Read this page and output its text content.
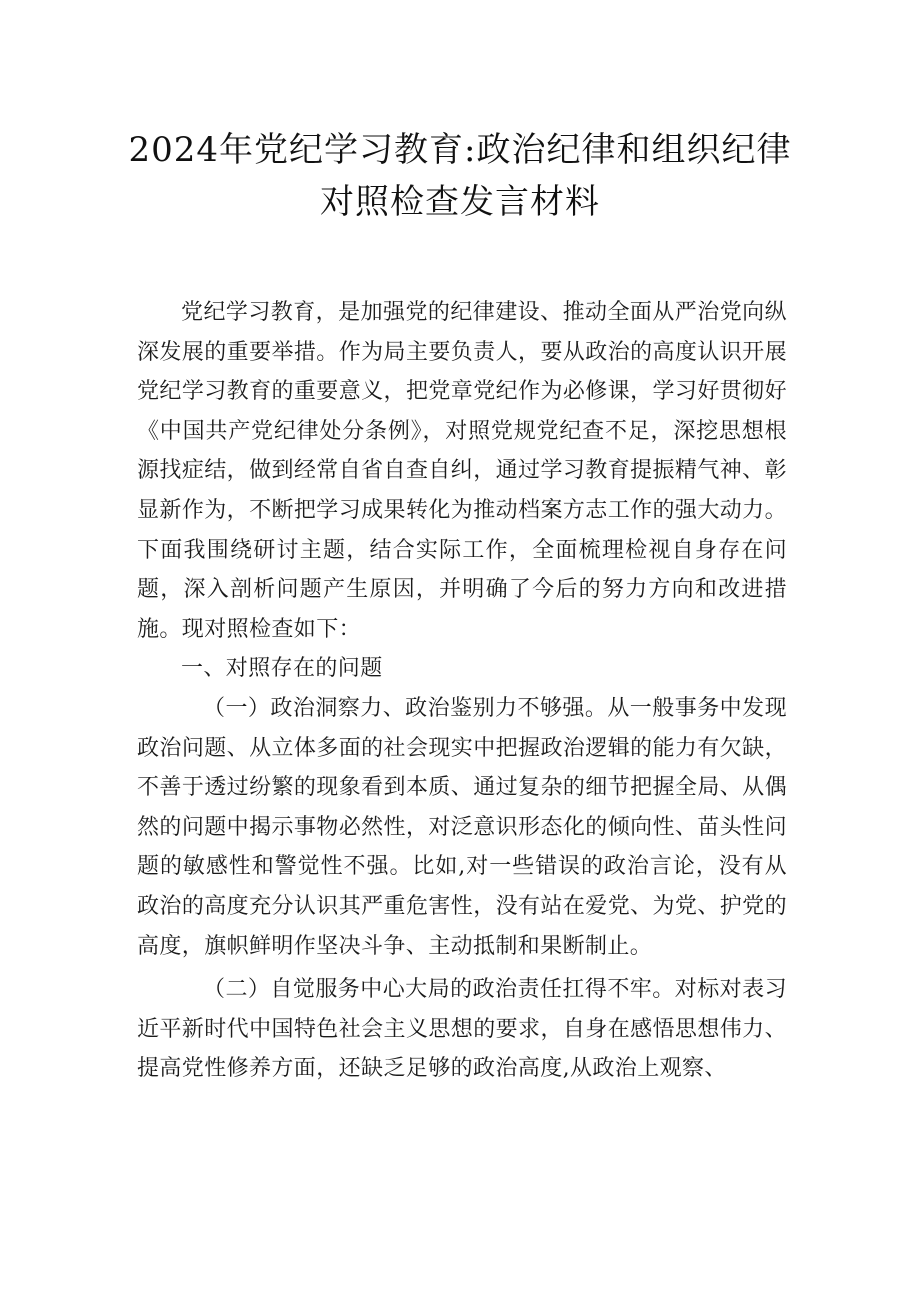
2024年党纪学习教育:政治纪律和组织纪律
对照检查发言材料

党纪学习教育，是加强党的纪律建设、推动全面从严治党向纵深发展的重要举措。作为局主要负责人，要从政治的高度认识开展党纪学习教育的重要意义，把党章党纪作为必修课，学习好贯彻好《中国共产党纪律处分条例》，对照党规党纪查不足，深挖思想根源找症结，做到经常自省自查自纠，通过学习教育提振精气神、彰显新作为，不断把学习成果转化为推动档案方志工作的强大动力。下面我围绕研讨主题，结合实际工作，全面梳理检视自身存在问题，深入剖析问题产生原因，并明确了今后的努力方向和改进措施。现对照检查如下：

一、对照存在的问题

（一）政治洞察力、政治鉴别力不够强。从一般事务中发现政治问题、从立体多面的社会现实中把握政治逻辑的能力有欠缺，不善于透过纷繁的现象看到本质、通过复杂的细节把握全局、从偶然的问题中揭示事物必然性，对泛意识形态化的倾向性、苗头性问题的敏感性和警觉性不强。比如,对一些错误的政治言论，没有从政治的高度充分认识其严重危害性，没有站在爱党、为党、护党的高度，旗帜鲜明作坚决斗争、主动抵制和果断制止。

（二）自觉服务中心大局的政治责任扛得不牢。对标对表习近平新时代中国特色社会主义思想的要求，自身在感悟思想伟力、提高党性修养方面，还缺乏足够的政治高度,从政治上观察、
